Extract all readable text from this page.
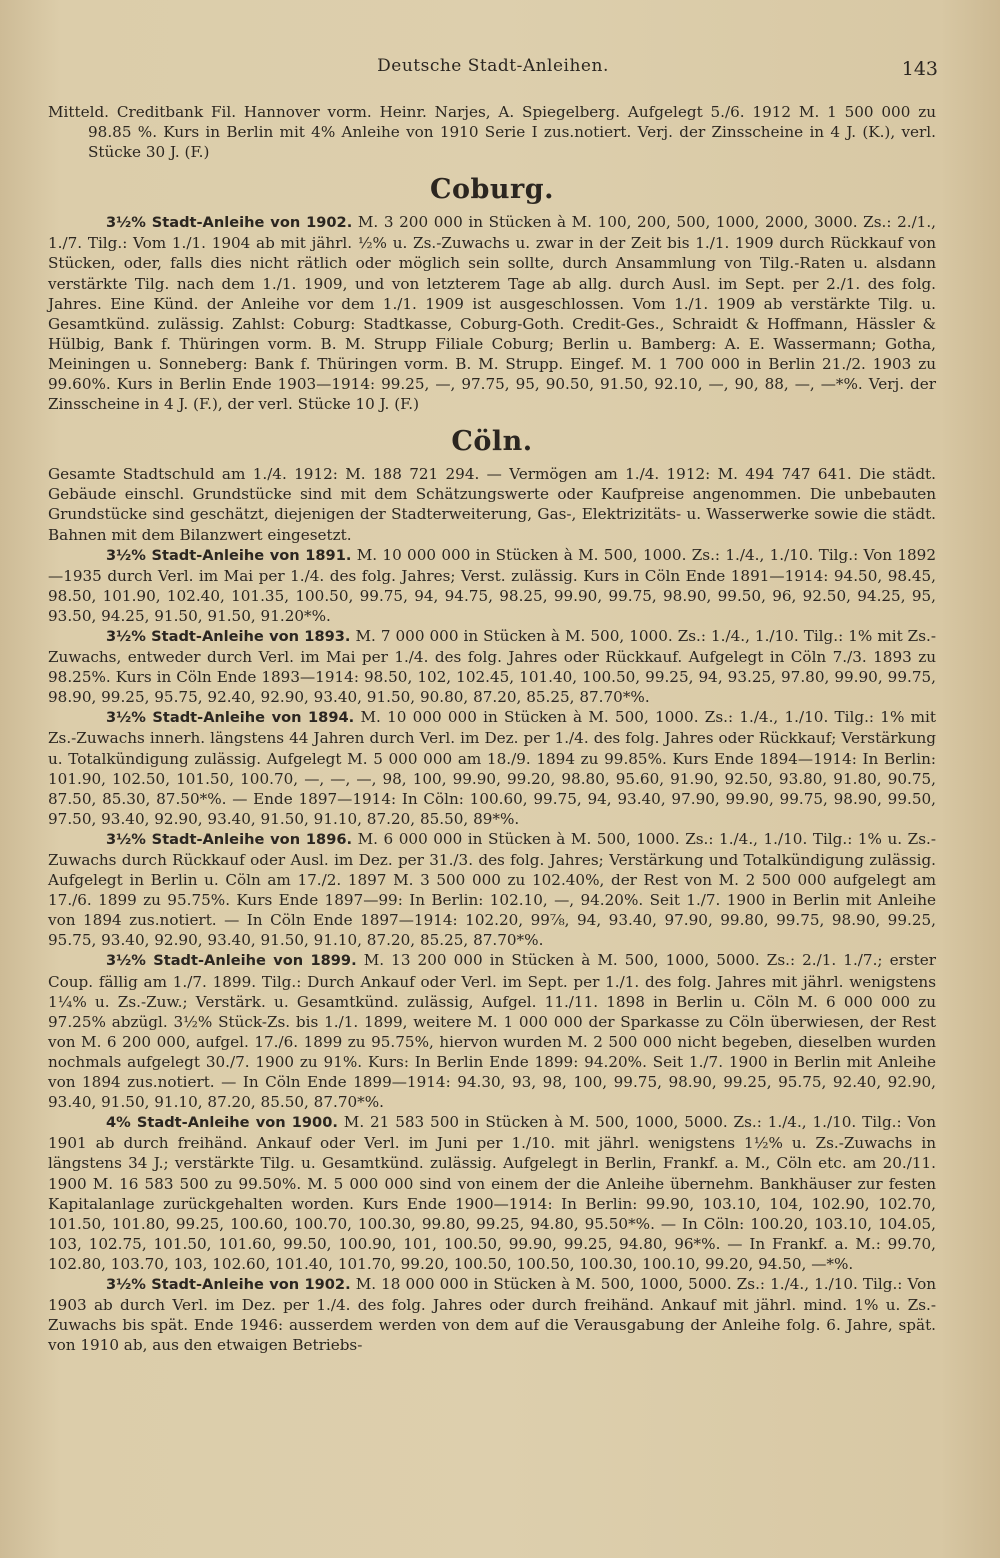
Deutsche Stadt-Anleihen.	143

Mitteld. Creditbank Fil. Hannover vorm. Heinr. Narjes, A. Spiegelberg. Aufgelegt 5./6. 1912 M. 1 500 000 zu 98.85 %. Kurs in Berlin mit 4% Anleihe von 1910 Serie I zus.notiert. Verj. der Zinsscheine in 4 J. (K.), verl. Stücke 30 J. (F.)

Coburg.

3½% Stadt-Anleihe von 1902. M. 3 200 000 in Stücken à M. 100, 200, 500, 1000, 2000, 3000. Zs.: 2./1., 1./7. Tilg.: Vom 1./1. 1904 ab mit jährl. ½% u. Zs.-Zuwachs u. zwar in der Zeit bis 1./1. 1909 durch Rückkauf von Stücken, oder, falls dies nicht rätlich oder möglich sein sollte, durch Ansammlung von Tilg.-Raten u. alsdann verstärkte Tilg. nach dem 1./1. 1909, und von letzterem Tage ab allg. durch Ausl. im Sept. per 2./1. des folg. Jahres. Eine Künd. der Anleihe vor dem 1./1. 1909 ist ausgeschlossen. Vom 1./1. 1909 ab verstärkte Tilg. u. Gesamtkünd. zulässig. Zahlst: Coburg: Stadtkasse, Coburg-Goth. Credit-Ges., Schraidt & Hoffmann, Hässler & Hülbig, Bank f. Thüringen vorm. B. M. Strupp Filiale Coburg; Berlin u. Bamberg: A. E. Wassermann; Gotha, Meiningen u. Sonneberg: Bank f. Thüringen vorm. B. M. Strupp. Eingef. M. 1 700 000 in Berlin 21./2. 1903 zu 99.60%. Kurs in Berlin Ende 1903—1914: 99.25, —, 97.75, 95, 90.50, 91.50, 92.10, —, 90, 88, —, —*%. Verj. der Zinsscheine in 4 J. (F.), der verl. Stücke 10 J. (F.)

Cöln.

Gesamte Stadtschuld am 1./4. 1912: M. 188 721 294. — Vermögen am 1./4. 1912: M. 494 747 641. Die städt. Gebäude einschl. Grundstücke sind mit dem Schätzungswerte oder Kaufpreise angenommen. Die unbebauten Grundstücke sind geschätzt, diejenigen der Stadterweiterung, Gas-, Elektrizitäts- u. Wasserwerke sowie die städt. Bahnen mit dem Bilanzwert eingesetzt.

3½% Stadt-Anleihe von 1891. M. 10 000 000 in Stücken à M. 500, 1000. Zs.: 1./4., 1./10. Tilg.: Von 1892—1935 durch Verl. im Mai per 1./4. des folg. Jahres; Verst. zulässig. Kurs in Cöln Ende 1891—1914: 94.50, 98.45, 98.50, 101.90, 102.40, 101.35, 100.50, 99.75, 94, 94.75, 98.25, 99.90, 99.75, 98.90, 99.50, 96, 92.50, 94.25, 95, 93.50, 94.25, 91.50, 91.50, 91.20*%.

3½% Stadt-Anleihe von 1893. M. 7 000 000 in Stücken à M. 500, 1000. Zs.: 1./4., 1./10. Tilg.: 1% mit Zs.-Zuwachs, entweder durch Verl. im Mai per 1./4. des folg. Jahres oder Rückkauf. Aufgelegt in Cöln 7./3. 1893 zu 98.25%. Kurs in Cöln Ende 1893—1914: 98.50, 102, 102.45, 101.40, 100.50, 99.25, 94, 93.25, 97.80, 99.90, 99.75, 98.90, 99.25, 95.75, 92.40, 92.90, 93.40, 91.50, 90.80, 87.20, 85.25, 87.70*%.

3½% Stadt-Anleihe von 1894. M. 10 000 000 in Stücken à M. 500, 1000. Zs.: 1./4., 1./10. Tilg.: 1% mit Zs.-Zuwachs innerh. längstens 44 Jahren durch Verl. im Dez. per 1./4. des folg. Jahres oder Rückkauf; Verstärkung u. Totalkündigung zulässig. Aufgelegt M. 5 000 000 am 18./9. 1894 zu 99.85%. Kurs Ende 1894—1914: In Berlin: 101.90, 102.50, 101.50, 100.70, —, —, —, 98, 100, 99.90, 99.20, 98.80, 95.60, 91.90, 92.50, 93.80, 91.80, 90.75, 87.50, 85.30, 87.50*%. — Ende 1897—1914: In Cöln: 100.60, 99.75, 94, 93.40, 97.90, 99.90, 99.75, 98.90, 99.50, 97.50, 93.40, 92.90, 93.40, 91.50, 91.10, 87.20, 85.50, 89*%.

3½% Stadt-Anleihe von 1896. M. 6 000 000 in Stücken à M. 500, 1000. Zs.: 1./4., 1./10. Tilg.: 1% u. Zs.-Zuwachs durch Rückkauf oder Ausl. im Dez. per 31./3. des folg. Jahres; Verstärkung und Totalkündigung zulässig. Aufgelegt in Berlin u. Cöln am 17./2. 1897 M. 3 500 000 zu 102.40%, der Rest von M. 2 500 000 aufgelegt am 17./6. 1899 zu 95.75%. Kurs Ende 1897—99: In Berlin: 102.10, —, 94.20%. Seit 1./7. 1900 in Berlin mit Anleihe von 1894 zus.notiert. — In Cöln Ende 1897—1914: 102.20, 99⅞, 94, 93.40, 97.90, 99.80, 99.75, 98.90, 99.25, 95.75, 93.40, 92.90, 93.40, 91.50, 91.10, 87.20, 85.25, 87.70*%.

3½% Stadt-Anleihe von 1899. M. 13 200 000 in Stücken à M. 500, 1000, 5000. Zs.: 2./1. 1./7.; erster Coup. fällig am 1./7. 1899. Tilg.: Durch Ankauf oder Verl. im Sept. per 1./1. des folg. Jahres mit jährl. wenigstens 1¼% u. Zs.-Zuw.; Verstärk. u. Gesamtkünd. zulässig, Aufgel. 11./11. 1898 in Berlin u. Cöln M. 6 000 000 zu 97.25% abzügl. 3½% Stück-Zs. bis 1./1. 1899, weitere M. 1 000 000 der Sparkasse zu Cöln überwiesen, der Rest von M. 6 200 000, aufgel. 17./6. 1899 zu 95.75%, hiervon wurden M. 2 500 000 nicht begeben, dieselben wurden nochmals aufgelegt 30./7. 1900 zu 91%. Kurs: In Berlin Ende 1899: 94.20%. Seit 1./7. 1900 in Berlin mit Anleihe von 1894 zus.notiert. — In Cöln Ende 1899—1914: 94.30, 93, 98, 100, 99.75, 98.90, 99.25, 95.75, 92.40, 92.90, 93.40, 91.50, 91.10, 87.20, 85.50, 87.70*%.

4% Stadt-Anleihe von 1900. M. 21 583 500 in Stücken à M. 500, 1000, 5000. Zs.: 1./4., 1./10. Tilg.: Von 1901 ab durch freihänd. Ankauf oder Verl. im Juni per 1./10. mit jährl. wenigstens 1½% u. Zs.-Zuwachs in längstens 34 J.; verstärkte Tilg. u. Gesamtkünd. zulässig. Aufgelegt in Berlin, Frankf. a. M., Cöln etc. am 20./11. 1900 M. 16 583 500 zu 99.50%. M. 5 000 000 sind von einem der die Anleihe übernehm. Bankhäuser zur festen Kapitalanlage zurückgehalten worden. Kurs Ende 1900—1914: In Berlin: 99.90, 103.10, 104, 102.90, 102.70, 101.50, 101.80, 99.25, 100.60, 100.70, 100.30, 99.80, 99.25, 94.80, 95.50*%. — In Cöln: 100.20, 103.10, 104.05, 103, 102.75, 101.50, 101.60, 99.50, 100.90, 101, 100.50, 99.90, 99.25, 94.80, 96*%. — In Frankf. a. M.: 99.70, 102.80, 103.70, 103, 102.60, 101.40, 101.70, 99.20, 100.50, 100.50, 100.30, 100.10, 99.20, 94.50, —*%.

3½% Stadt-Anleihe von 1902. M. 18 000 000 in Stücken à M. 500, 1000, 5000. Zs.: 1./4., 1./10. Tilg.: Von 1903 ab durch Verl. im Dez. per 1./4. des folg. Jahres oder durch freihänd. Ankauf mit jährl. mind. 1% u. Zs.-Zuwachs bis spät. Ende 1946: ausserdem werden von dem auf die Verausgabung der Anleihe folg. 6. Jahre, spät. von 1910 ab, aus den etwaigen Betriebs-
